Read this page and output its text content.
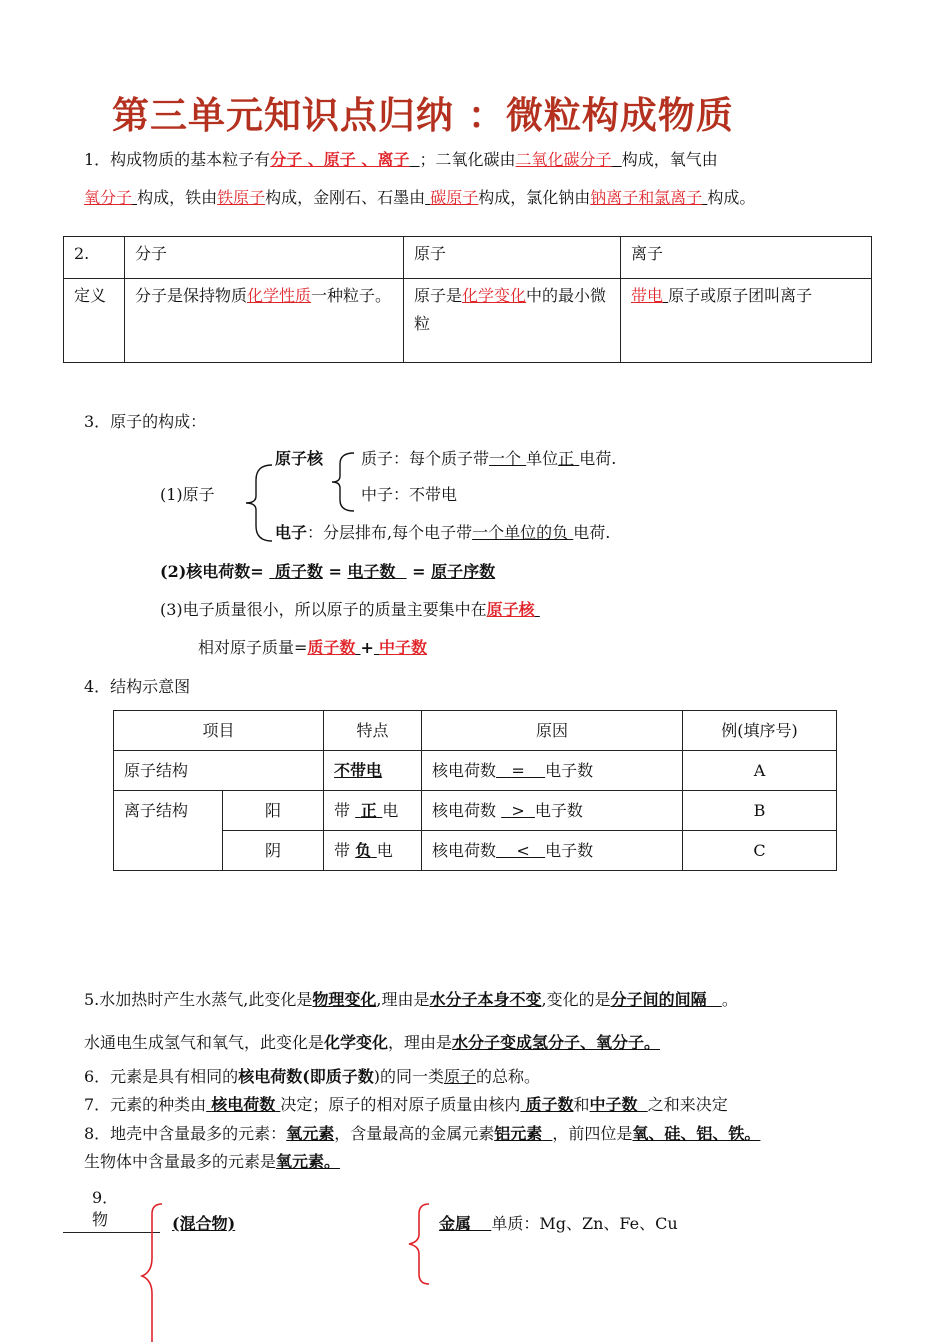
第三单元知识点归纳 ：微粒构成物质
1．构成物质的基本粒子有分子 、原子 、离子 ；二氧化碳由二氧化碳分子 构成，氧气由
氧分子 构成，铁由铁原子构成，金刚石、石墨由 碳原子构成，氯化钠由钠离子和氯离子 构成。
2.	分子	原子	离子
定义	分子是保持物质化学性质一种粒子。	原子是化学变化中的最小微粒	带电 原子或原子团叫离子
3．原子的构成：
原子核 质子：每个质子带一个 单位正 电荷.
中子：不带电
(1)原子
电子：分层排布,每个电子带一个单位的负 电荷.
(2)核电荷数= 质子数 = 电子数 = 原子序数
(3)电子质量很小，所以原子的质量主要集中在原子核
相对原子质量=质子数 + 中子数
4．结构示意图
项目		特点	原因	例(填序号)
原子结构		不带电	核电荷数 = 电子数	A
离子结构	阳	带 正 电	核电荷数 > 电子数	B
	阴	带 负 电	核电荷数 < 电子数	C
5.水加热时产生水蒸气,此变化是物理变化,理由是水分子本身不变,变化的是分子间的间隔 。
水通电生成氢气和氧气，此变化是化学变化，理由是水分子变成氢分子、氧分子。
6．元素是具有相同的核电荷数(即质子数)的同一类原子的总称。
7．元素的种类由 核电荷数 决定；原子的相对原子质量由核内 质子数和中子数 之和来决定
8．地壳中含量最多的元素：氧元素，含量最高的金属元素铝元素 ，前四位是氧、硅、铝、铁。
生物体中含量最多的元素是氧元素。
9．
物	(混合物)	金属 单质：Mg、Zn、Fe、Cu
